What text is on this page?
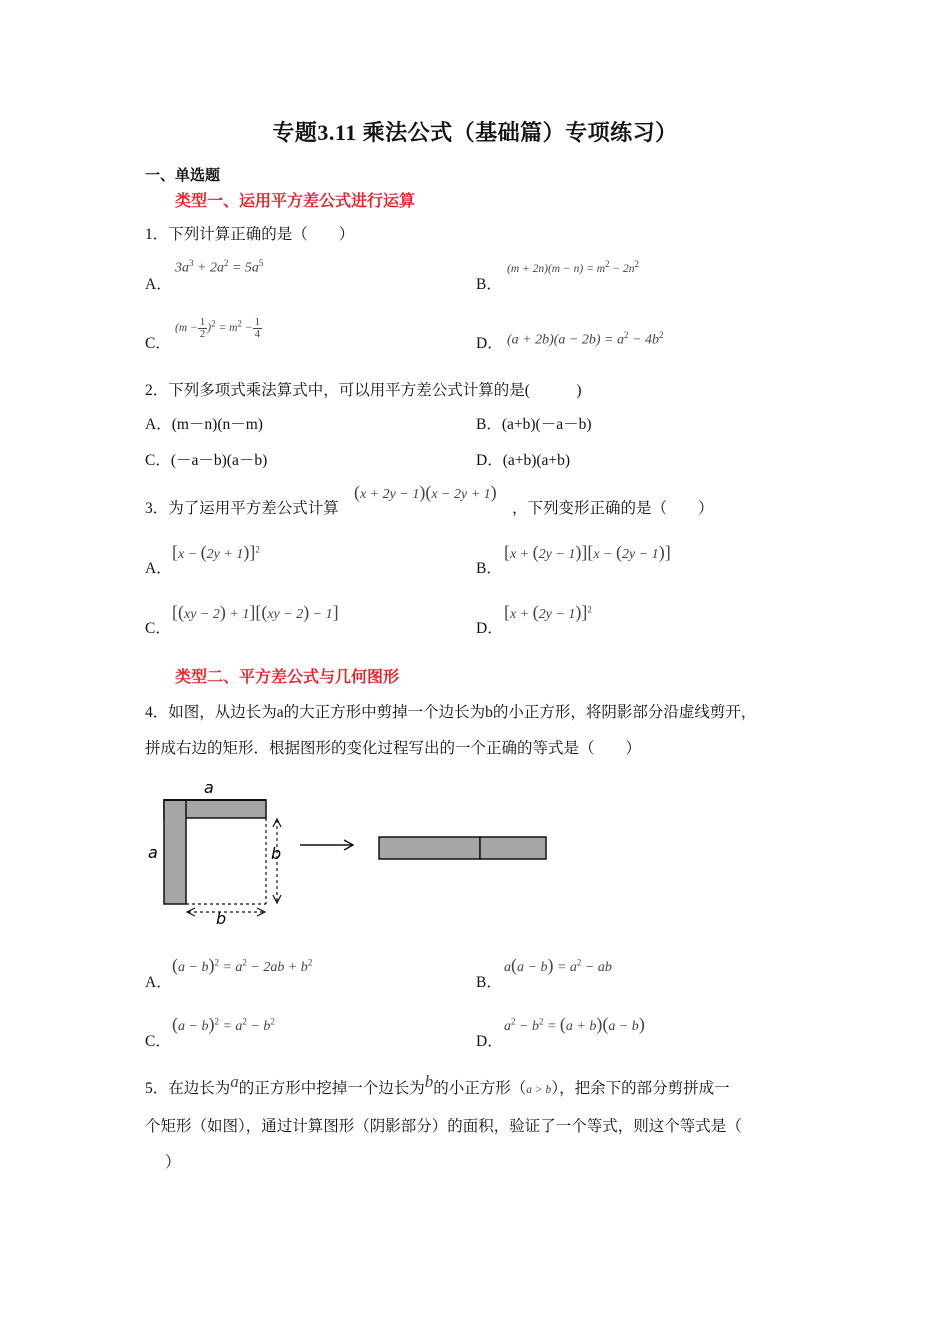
专题3.11 乘法公式（基础篇）专项练习）
一、单选题
类型一、运用平方差公式进行运算
1．下列计算正确的是（　　）
A．
$3a^3 + 2a^2 = 5a^5$
B．
$(m + 2n)(m - n) = m^2 - 2n^2$
C．
$(m - \frac{1}{2} )^2 = m^2 - \frac{1}{4}$
D． $(a + 2b)(a - 2b) = a^2 - 4b^2$
2．下列多项式乘法算式中，可以用平方差公式计算的是(　　　)
A．(m－n)(n－m)	B．(a+b)(－a－b)
C．(－a－b)(a－b)	D．(a+b)(a+b)
3．为了运用平方差公式计算
(x + 2y − 1)(x − 2y + 1)
，下列变形正确的是（　　）
A．
$[x - (2y + 1)]^2$
B．
[x + (2y − 1)][x − (2y − 1)]
C．
[(xy − 2) + 1][(xy − 2) − 1]
D．
$[x + (2y - 1)]^2$
类型二、平方差公式与几何图形
4．如图，从边长为a的大正方形中剪掉一个边长为b的小正方形，将阴影部分沿虚线剪开，
拼成右边的矩形．根据图形的变化过程写出的一个正确的等式是（　　）
a
a	b
b
A．
$(a - b)^2 = a^2 - 2ab + b^2$
B．
$a(a - b) = a^2$ − ab
C．
$(a - b)^2 = a^2 - b^2$
D．
$a^2 - b^2 = (a + b)(a - b)$
5．在边长为a的正方形中挖掉一个边长为b的小正方形（a > b），把余下的部分剪拼成一
个矩形（如图），通过计算图形（阴影部分）的面积，验证了一个等式，则这个等式是（
）
